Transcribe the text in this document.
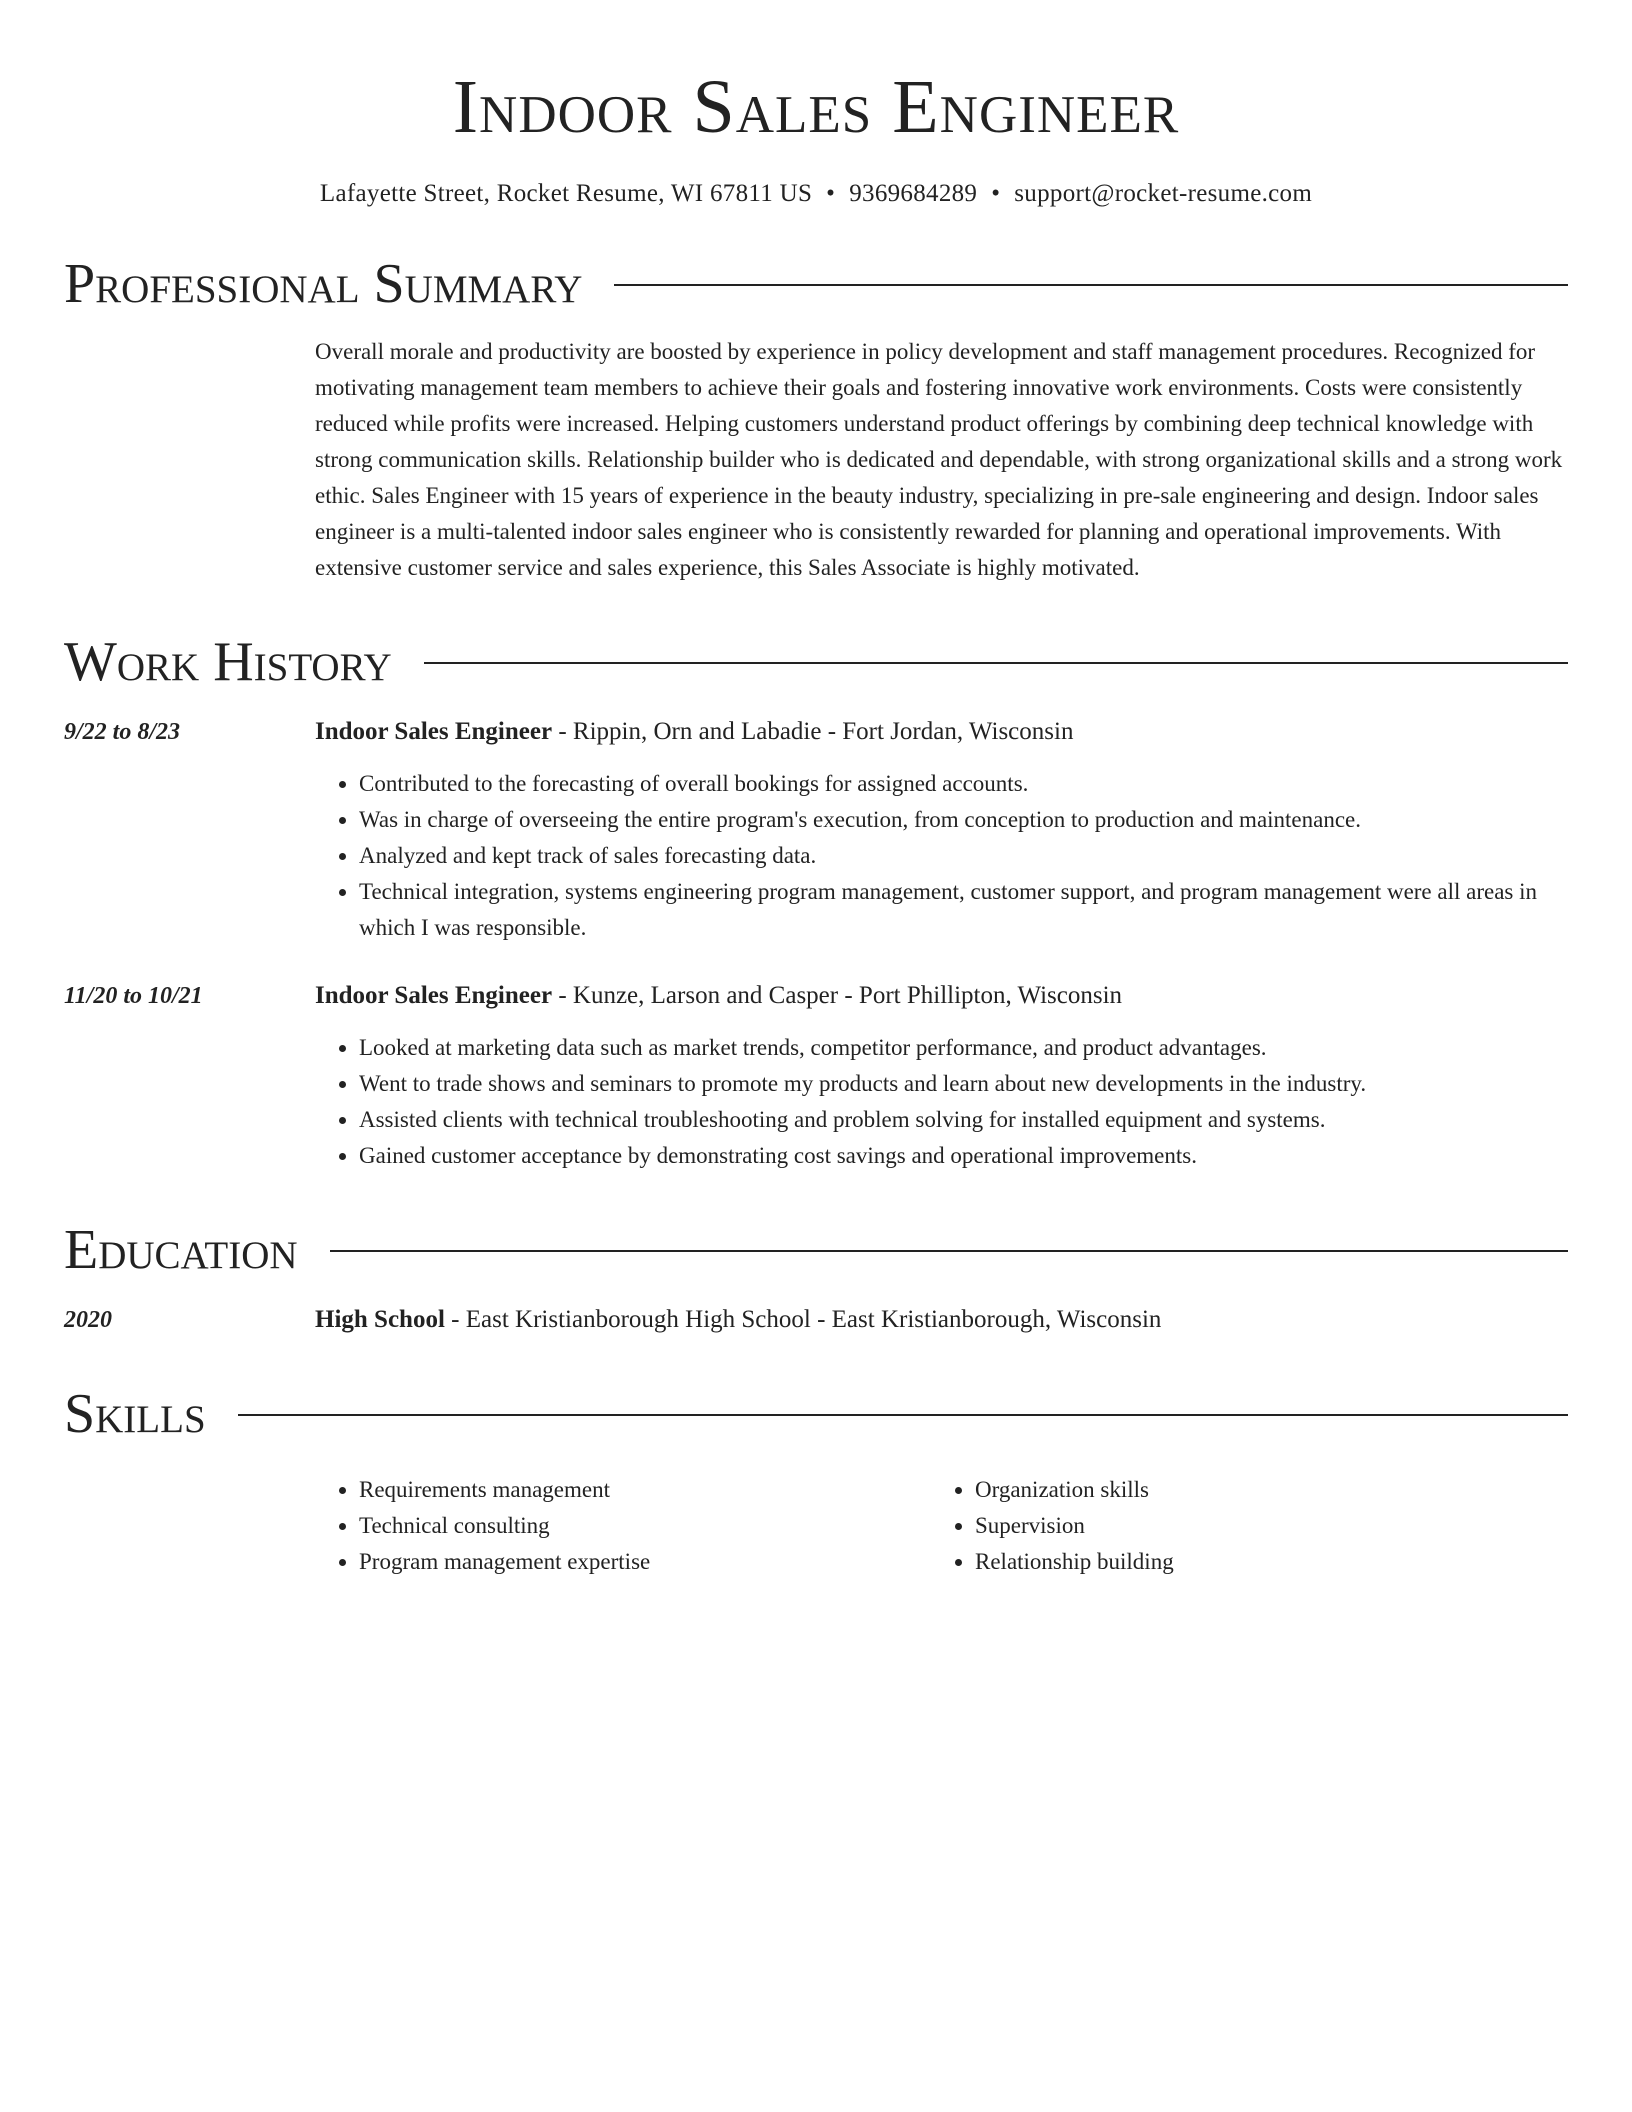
Indoor Sales Engineer
Lafayette Street, Rocket Resume, WI 67811 US • 9369684289 • support@rocket-resume.com
Professional Summary
Overall morale and productivity are boosted by experience in policy development and staff management procedures. Recognized for motivating management team members to achieve their goals and fostering innovative work environments. Costs were consistently reduced while profits were increased. Helping customers understand product offerings by combining deep technical knowledge with strong communication skills. Relationship builder who is dedicated and dependable, with strong organizational skills and a strong work ethic. Sales Engineer with 15 years of experience in the beauty industry, specializing in pre-sale engineering and design. Indoor sales engineer is a multi-talented indoor sales engineer who is consistently rewarded for planning and operational improvements. With extensive customer service and sales experience, this Sales Associate is highly motivated.
Work History
9/22 to 8/23	Indoor Sales Engineer - Rippin, Orn and Labadie - Fort Jordan, Wisconsin
• Contributed to the forecasting of overall bookings for assigned accounts.
• Was in charge of overseeing the entire program's execution, from conception to production and maintenance.
• Analyzed and kept track of sales forecasting data.
• Technical integration, systems engineering program management, customer support, and program management were all areas in which I was responsible.
11/20 to 10/21	Indoor Sales Engineer - Kunze, Larson and Casper - Port Phillipton, Wisconsin
• Looked at marketing data such as market trends, competitor performance, and product advantages.
• Went to trade shows and seminars to promote my products and learn about new developments in the industry.
• Assisted clients with technical troubleshooting and problem solving for installed equipment and systems.
• Gained customer acceptance by demonstrating cost savings and operational improvements.
Education
2020	High School - East Kristianborough High School - East Kristianborough, Wisconsin
Skills
• Requirements management
• Technical consulting
• Program management expertise
• Organization skills
• Supervision
• Relationship building
